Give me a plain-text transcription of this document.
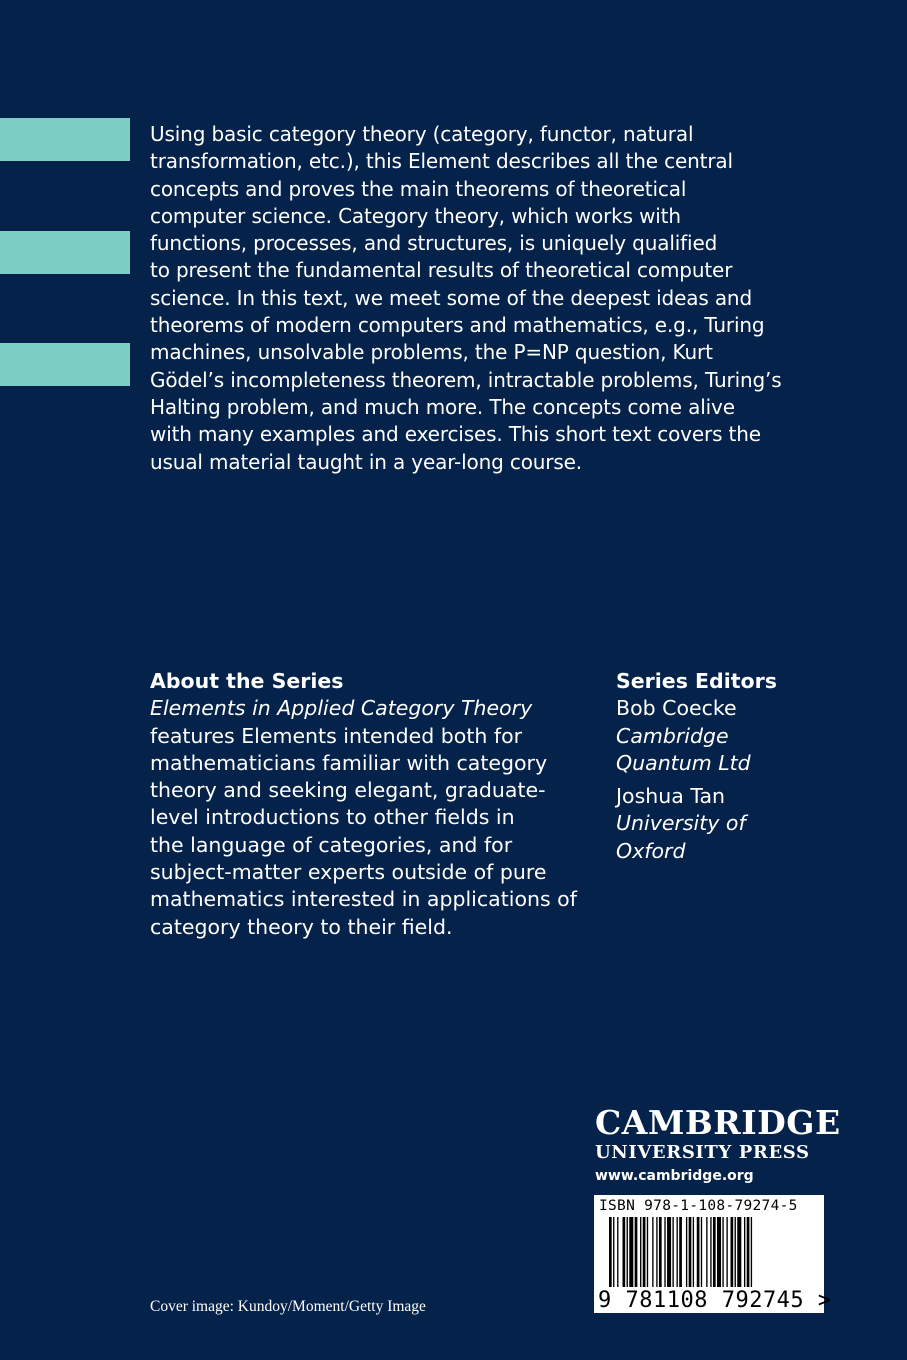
Using basic category theory (category, functor, natural
transformation, etc.), this Element describes all the central
concepts and proves the main theorems of theoretical
computer science. Category theory, which works with
functions, processes, and structures, is uniquely qualified
to present the fundamental results of theoretical computer
science. In this text, we meet some of the deepest ideas and
theorems of modern computers and mathematics, e.g., Turing
machines, unsolvable problems, the P=NP question, Kurt
Gödel’s incompleteness theorem, intractable problems, Turing’s
Halting problem, and much more. The concepts come alive
with many examples and exercises. This short text covers the
usual material taught in a year-long course.
About the Series
Elements in Applied Category Theory
features Elements intended both for
mathematicians familiar with category
theory and seeking elegant, graduate-
level introductions to other fields in
the language of categories, and for
subject-matter experts outside of pure
mathematics interested in applications of
category theory to their field.
Series Editors
Bob Coecke
Cambridge
Quantum Ltd
Joshua Tan
University of
Oxford
CAMBRIDGE
UNIVERSITY PRESS
www.cambridge.org
ISBN 978-1-108-79274-5
9 781108 792745 >
Cover image: Kundoy/Moment/Getty Image
